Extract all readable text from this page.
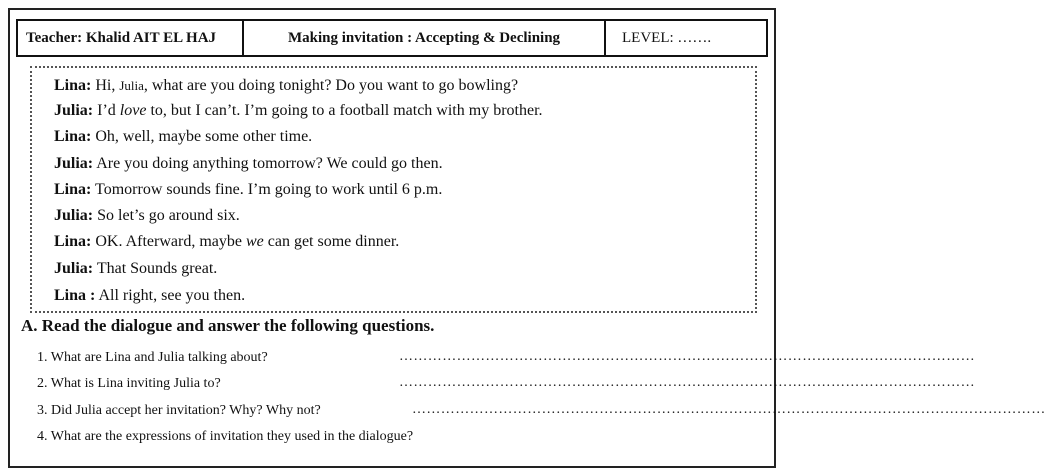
Teacher: Khalid AIT EL HAJ	Making invitation : Accepting & Declining	LEVEL: …….
Lina: Hi, Julia, what are you doing tonight? Do you want to go bowling?
Julia: I’d love to, but I can’t. I’m going to a football match with my brother.
Lina: Oh, well, maybe some other time.
Julia: Are you doing anything tomorrow? We could go then.
Lina: Tomorrow sounds fine. I’m going to work until 6 p.m.
Julia: So let’s go around six.
Lina: OK. Afterward, maybe we can get some dinner.
Julia: That Sounds great.
Lina : All right, see you then.
A. Read the dialogue and answer the following questions.
1. What are Lina and Julia talking about?	…………………………………………………………………………………………………………
2. What is Lina inviting Julia to?	…………………………………………………………………………………………………………
3. Did Julia accept her invitation? Why? Why not?	……………………………………………………………………………………………………………………
4. What are the expressions of invitation they used in the dialogue?
